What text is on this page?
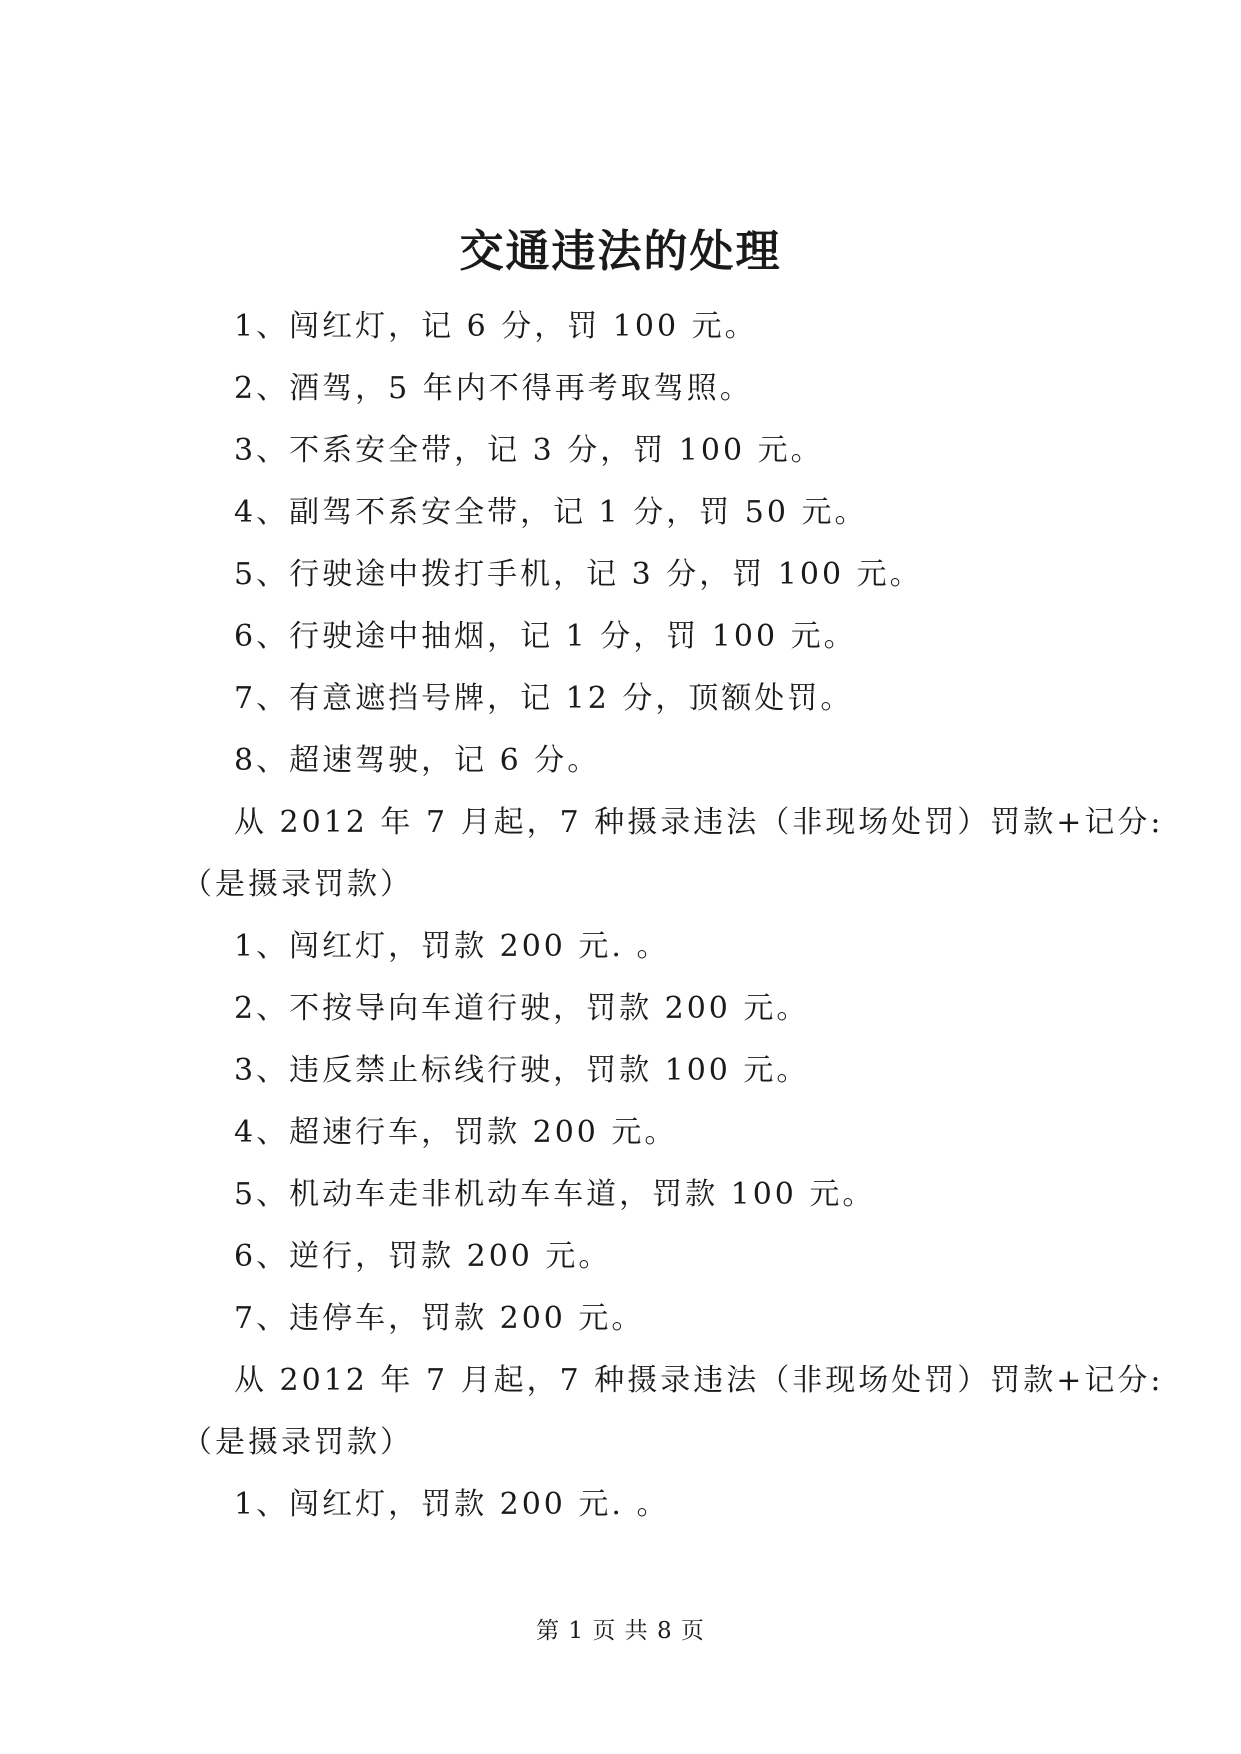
交通违法的处理
1、闯红灯，记 6 分，罚 100 元。
2、酒驾，5 年内不得再考取驾照。
3、不系安全带，记 3 分，罚 100 元。
4、副驾不系安全带，记 1 分，罚 50 元。
5、行驶途中拨打手机，记 3 分，罚 100 元。
6、行驶途中抽烟，记 1 分，罚 100 元。
7、有意遮挡号牌，记 12 分，顶额处罚。
8、超速驾驶，记 6 分。
从 2012 年 7 月起，7 种摄录违法（非现场处罚）罚款+记分:
（是摄录罚款）
1、闯红灯，罚款 200 元. 。
2、不按导向车道行驶，罚款 200 元。
3、违反禁止标线行驶，罚款 100 元。
4、超速行车，罚款 200 元。
5、机动车走非机动车车道，罚款 100 元。
6、逆行，罚款 200 元。
7、违停车，罚款 200 元。
从 2012 年 7 月起，7 种摄录违法（非现场处罚）罚款+记分:
（是摄录罚款）
1、闯红灯，罚款 200 元. 。
第 1 页 共 8 页
